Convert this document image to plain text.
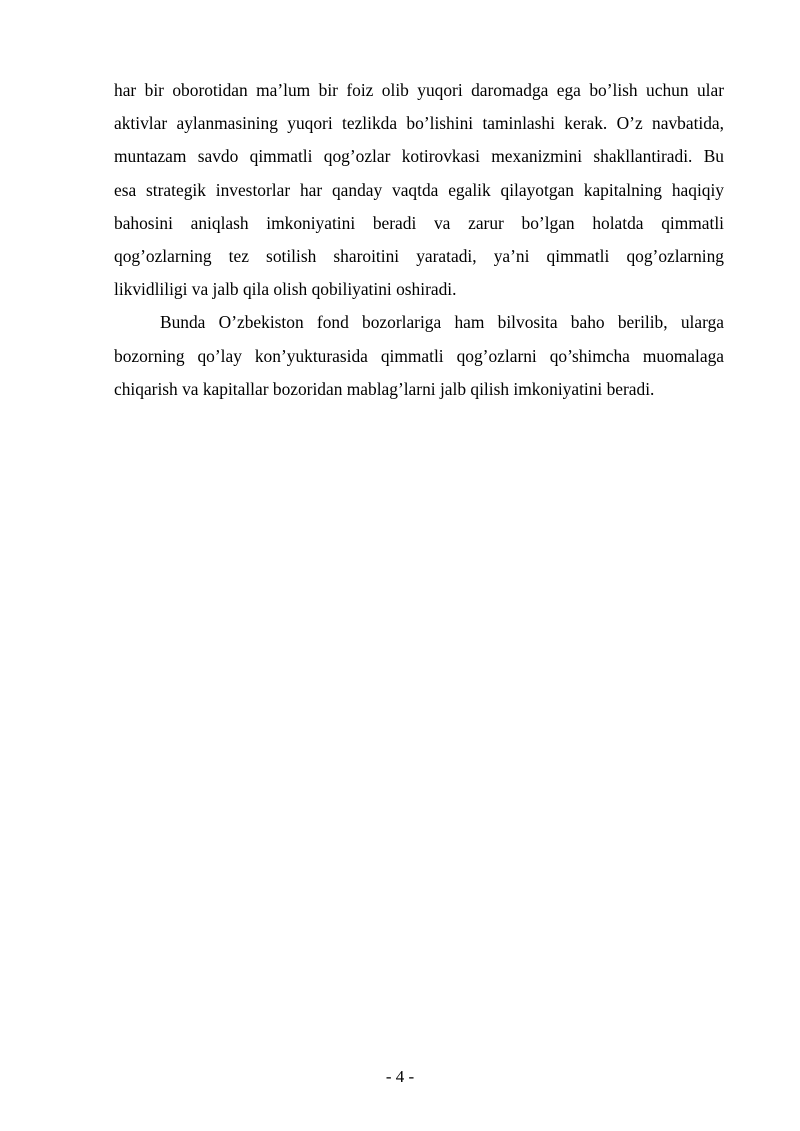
har bir oborotidan ma’lum bir foiz olib yuqori daromadga ega bo’lish uchun ular
aktivlar aylanmasining yuqori tezlikda bo’lishini taminlashi kerak. O’z navbatida,
muntazam savdo qimmatli qog’ozlar kotirovkasi mexanizmini shakllantiradi. Bu
esa strategik investorlar har qanday vaqtda egalik qilayotgan kapitalning haqiqiy
bahosini aniqlash imkoniyatini beradi va zarur bo’lgan holatda qimmatli
qog’ozlarning tez sotilish sharoitini yaratadi, ya’ni qimmatli qog’ozlarning
likvidliligi va jalb qila olish qobiliyatini oshiradi.

Bunda O’zbekiston fond bozorlariga ham bilvosita baho berilib, ularga
bozorning qo’lay kon’yukturasida qimmatli qog’ozlarni qo’shimcha muomalaga
chiqarish va kapitallar bozoridan mablag’larni jalb qilish imkoniyatini beradi.

- 4 -
